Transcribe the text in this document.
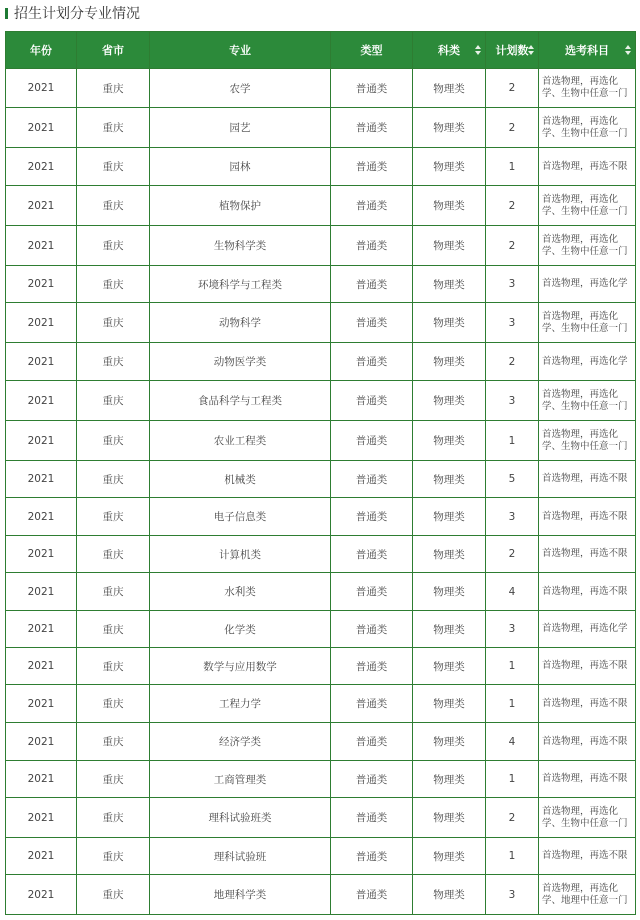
招生计划分专业情况
年份	省市	专业	类型	科类	计划数	选考科目

2021	重庆	农学	普通类	物理类	2	首选物理，再选化学、生物中任意一门
2021	重庆	园艺	普通类	物理类	2	首选物理，再选化学、生物中任意一门
2021	重庆	园林	普通类	物理类	1	首选物理，再选不限
2021	重庆	植物保护	普通类	物理类	2	首选物理，再选化学、生物中任意一门
2021	重庆	生物科学类	普通类	物理类	2	首选物理，再选化学、生物中任意一门
2021	重庆	环境科学与工程类	普通类	物理类	3	首选物理，再选化学
2021	重庆	动物科学	普通类	物理类	3	首选物理，再选化学、生物中任意一门
2021	重庆	动物医学类	普通类	物理类	2	首选物理，再选化学
2021	重庆	食品科学与工程类	普通类	物理类	3	首选物理，再选化学、生物中任意一门
2021	重庆	农业工程类	普通类	物理类	1	首选物理，再选化学、生物中任意一门
2021	重庆	机械类	普通类	物理类	5	首选物理，再选不限
2021	重庆	电子信息类	普通类	物理类	3	首选物理，再选不限
2021	重庆	计算机类	普通类	物理类	2	首选物理，再选不限
2021	重庆	水利类	普通类	物理类	4	首选物理，再选不限
2021	重庆	化学类	普通类	物理类	3	首选物理，再选化学
2021	重庆	数学与应用数学	普通类	物理类	1	首选物理，再选不限
2021	重庆	工程力学	普通类	物理类	1	首选物理，再选不限
2021	重庆	经济学类	普通类	物理类	4	首选物理，再选不限
2021	重庆	工商管理类	普通类	物理类	1	首选物理，再选不限
2021	重庆	理科试验班类	普通类	物理类	2	首选物理，再选化学、生物中任意一门
2021	重庆	理科试验班	普通类	物理类	1	首选物理，再选不限
2021	重庆	地理科学类	普通类	物理类	3	首选物理，再选化学、地理中任意一门
